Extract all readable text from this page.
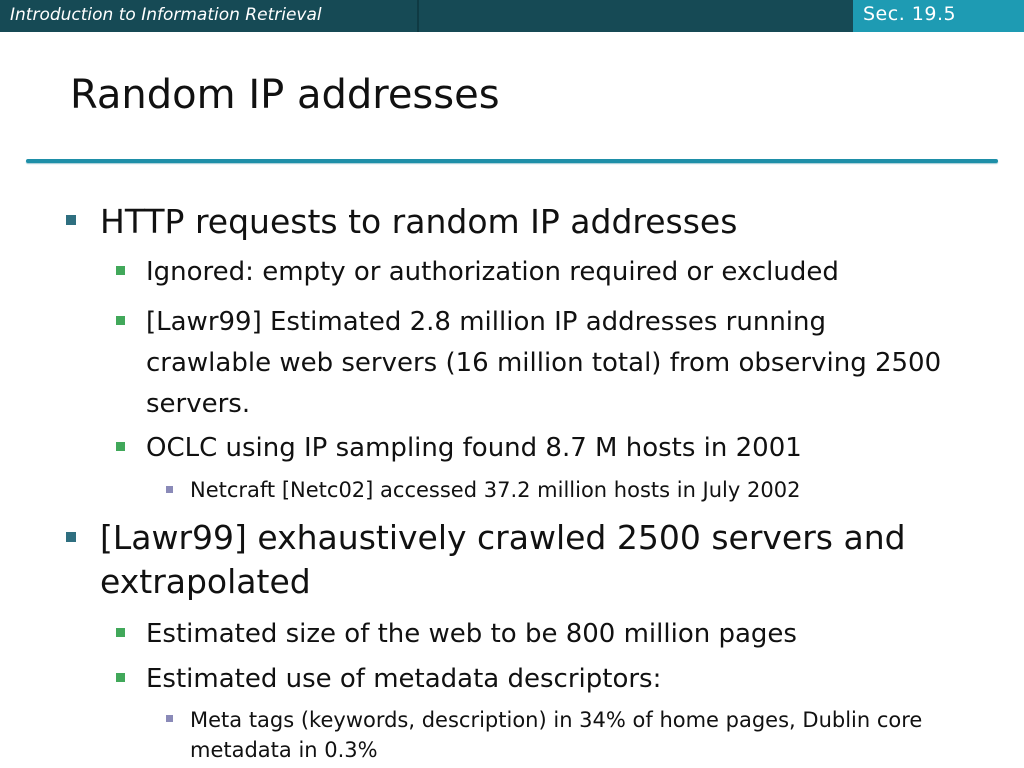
Introduction to Information Retrieval	Sec. 19.5
Random IP addresses
HTTP requests to random IP addresses
Ignored: empty or authorization required or excluded
[Lawr99] Estimated 2.8 million IP addresses running crawlable web servers (16 million total) from observing 2500 servers.
OCLC using IP sampling found 8.7 M hosts in 2001
Netcraft [Netc02] accessed 37.2 million hosts in July 2002
[Lawr99] exhaustively crawled 2500 servers and extrapolated
Estimated size of the web to be 800 million pages
Estimated use of metadata descriptors:
Meta tags (keywords, description) in 34% of home pages, Dublin core metadata in 0.3%
